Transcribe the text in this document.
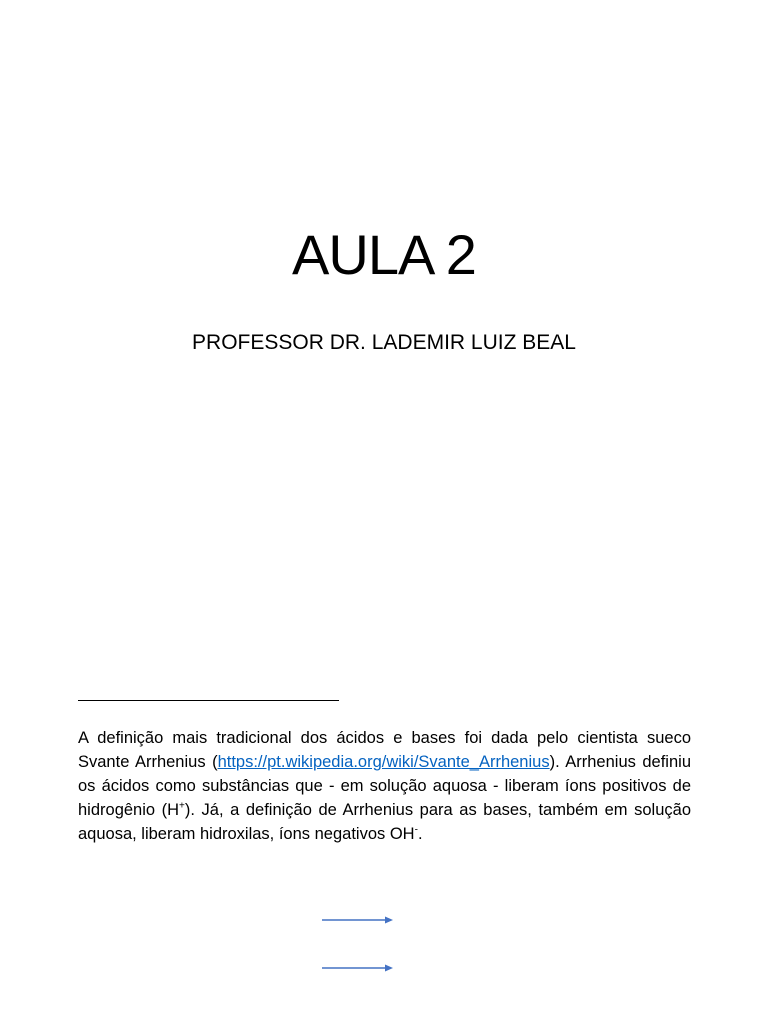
AULA 2
PROFESSOR DR. LADEMIR LUIZ BEAL
A definição mais tradicional dos ácidos e bases foi dada pelo cientista sueco Svante Arrhenius (https://pt.wikipedia.org/wiki/Svante_Arrhenius). Arrhenius definiu os ácidos como substâncias que - em solução aquosa - liberam íons positivos de hidrogênio (H+). Já, a definição de Arrhenius para as bases, também em solução aquosa, liberam hidroxilas, íons negativos OH-.
